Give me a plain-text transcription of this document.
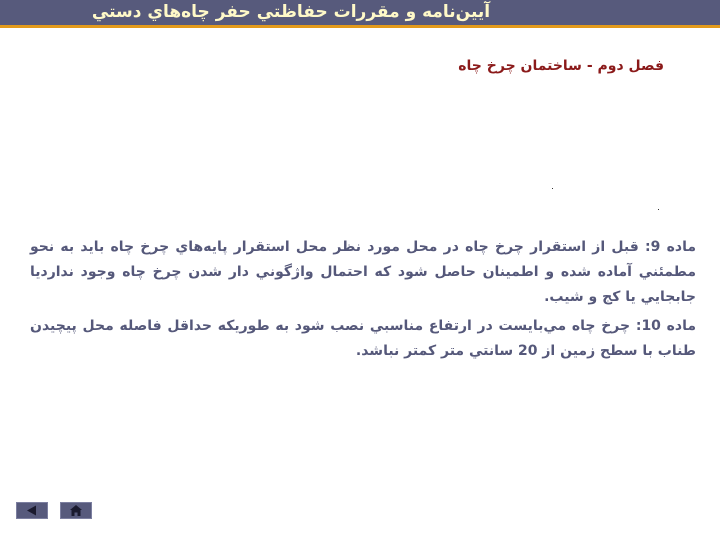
آيين‌نامه و مقررات حفاظتي حفر چاه‌هاي دستي
فصل دوم - ساختمان چرخ چاه
ماده 9: قبل از استقرار چرخ چاه در محل مورد نظر محل استقرار پايه‌هاي چرخ چاه بايد به نحو مطمئني آماده شده و اطمينان حاصل شود كه احتمال واژگوني دار شدن چرخ چاه وجود نداردیا جابجايي يا كج و شيب.
ماده 10: چرخ چاه مي‌بايست در ارتفاع مناسبي نصب شود به طوريكه حداقل فاصله محل پيچيدن طناب با سطح زمين از 20 سانتي متر كمتر نباشد.
